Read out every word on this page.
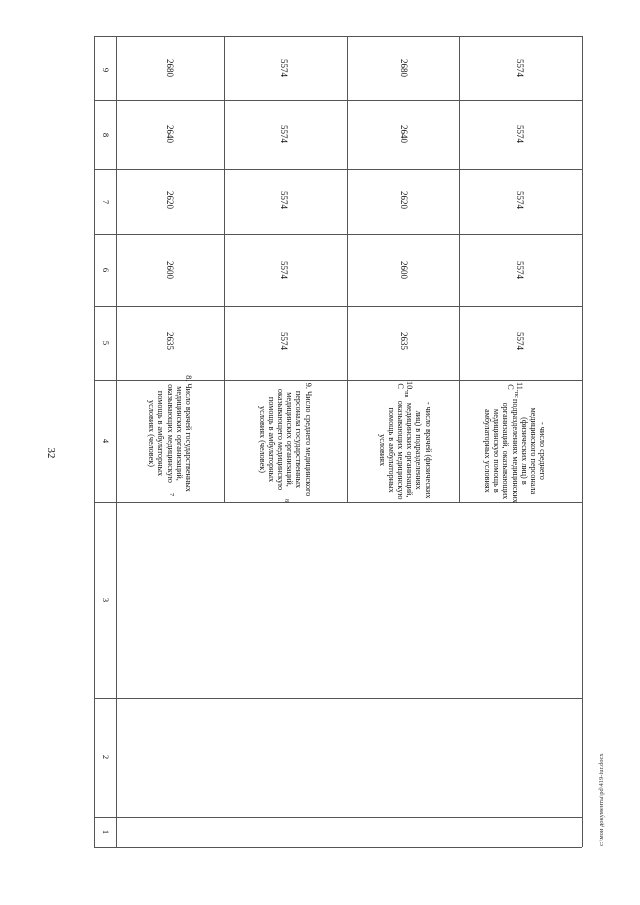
32
9
8
7
6
5
4
3
2
1
8. Число врачей государственных медицинских организаций, оказывающих медицинскую помощь в амбулаторных условиях (человек)
7	9. Число среднего медицинского персонала государственных медицинских организаций, оказывающего медицинскую помощь в амбулаторных условиях (человек)
8
10. C
пв
- число врачей (физических лиц) в подразделениях медицинских организаций, оказывающих медицинскую помощь в амбулаторных условиях
11. C
пс
- число среднего медицинского персонала (физических лиц) в подразделениях медицинских организаций, оказывающих медицинскую помощь в амбулаторных условиях
2635
2600
2620
2640
2680
5574
5574
5574
5574
5574
2635
2600
2620
2640
2680
5574
5574
5574
5574
5574
c:\мои документы\pd\419-iur.docx
